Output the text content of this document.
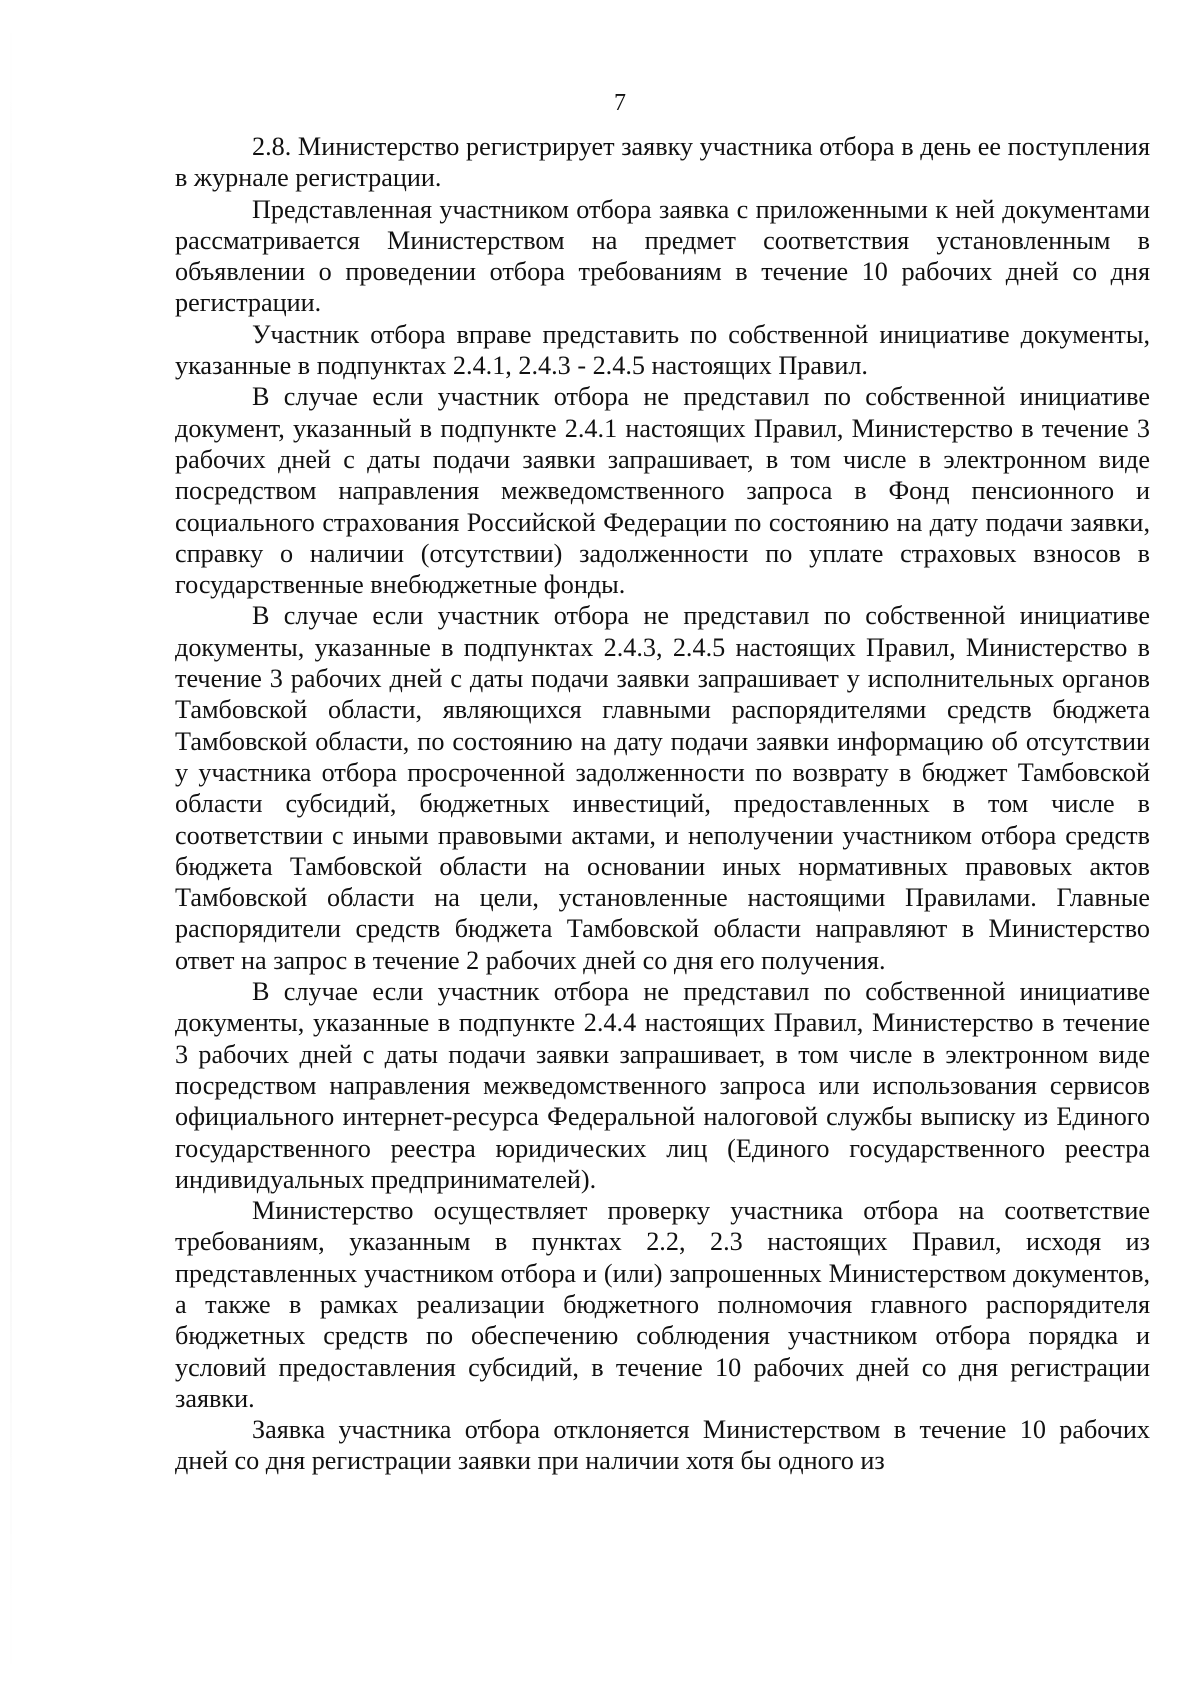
7

2.8. Министерство регистрирует заявку участника отбора в день ее поступления в журнале регистрации.

Представленная участником отбора заявка с приложенными к ней документами рассматривается Министерством на предмет соответствия установленным в объявлении о проведении отбора требованиям в течение 10 рабочих дней со дня регистрации.

Участник отбора вправе представить по собственной инициативе документы, указанные в подпунктах 2.4.1, 2.4.3 - 2.4.5 настоящих Правил.

В случае если участник отбора не представил по собственной инициативе документ, указанный в подпункте 2.4.1 настоящих Правил, Министерство в течение 3 рабочих дней с даты подачи заявки запрашивает, в том числе в электронном виде посредством направления межведомственного запроса в Фонд пенсионного и социального страхования Российской Федерации по состоянию на дату подачи заявки, справку о наличии (отсутствии) задолженности по уплате страховых взносов в государственные внебюджетные фонды.

В случае если участник отбора не представил по собственной инициативе документы, указанные в подпунктах 2.4.3, 2.4.5 настоящих Правил, Министерство в течение 3 рабочих дней с даты подачи заявки запрашивает у исполнительных органов Тамбовской области, являющихся главными распорядителями средств бюджета Тамбовской области, по состоянию на дату подачи заявки информацию об отсутствии у участника отбора просроченной задолженности по возврату в бюджет Тамбовской области субсидий, бюджетных инвестиций, предоставленных в том числе в соответствии с иными правовыми актами, и неполучении участником отбора средств бюджета Тамбовской области на основании иных нормативных правовых актов Тамбовской области на цели, установленные настоящими Правилами. Главные распорядители средств бюджета Тамбовской области направляют в Министерство ответ на запрос в течение 2 рабочих дней со дня его получения.

В случае если участник отбора не представил по собственной инициативе документы, указанные в подпункте 2.4.4 настоящих Правил, Министерство в течение 3 рабочих дней с даты подачи заявки запрашивает, в том числе в электронном виде посредством направления межведомственного запроса или использования сервисов официального интернет-ресурса Федеральной налоговой службы выписку из Единого государственного реестра юридических лиц (Единого государственного реестра индивидуальных предпринимателей).

Министерство осуществляет проверку участника отбора на соответствие требованиям, указанным в пунктах 2.2, 2.3 настоящих Правил, исходя из представленных участником отбора и (или) запрошенных Министерством документов, а также в рамках реализации бюджетного полномочия главного распорядителя бюджетных средств по обеспечению соблюдения участником отбора порядка и условий предоставления субсидий, в течение 10 рабочих дней со дня регистрации заявки.

Заявка участника отбора отклоняется Министерством в течение 10 рабочих дней со дня регистрации заявки при наличии хотя бы одного из
